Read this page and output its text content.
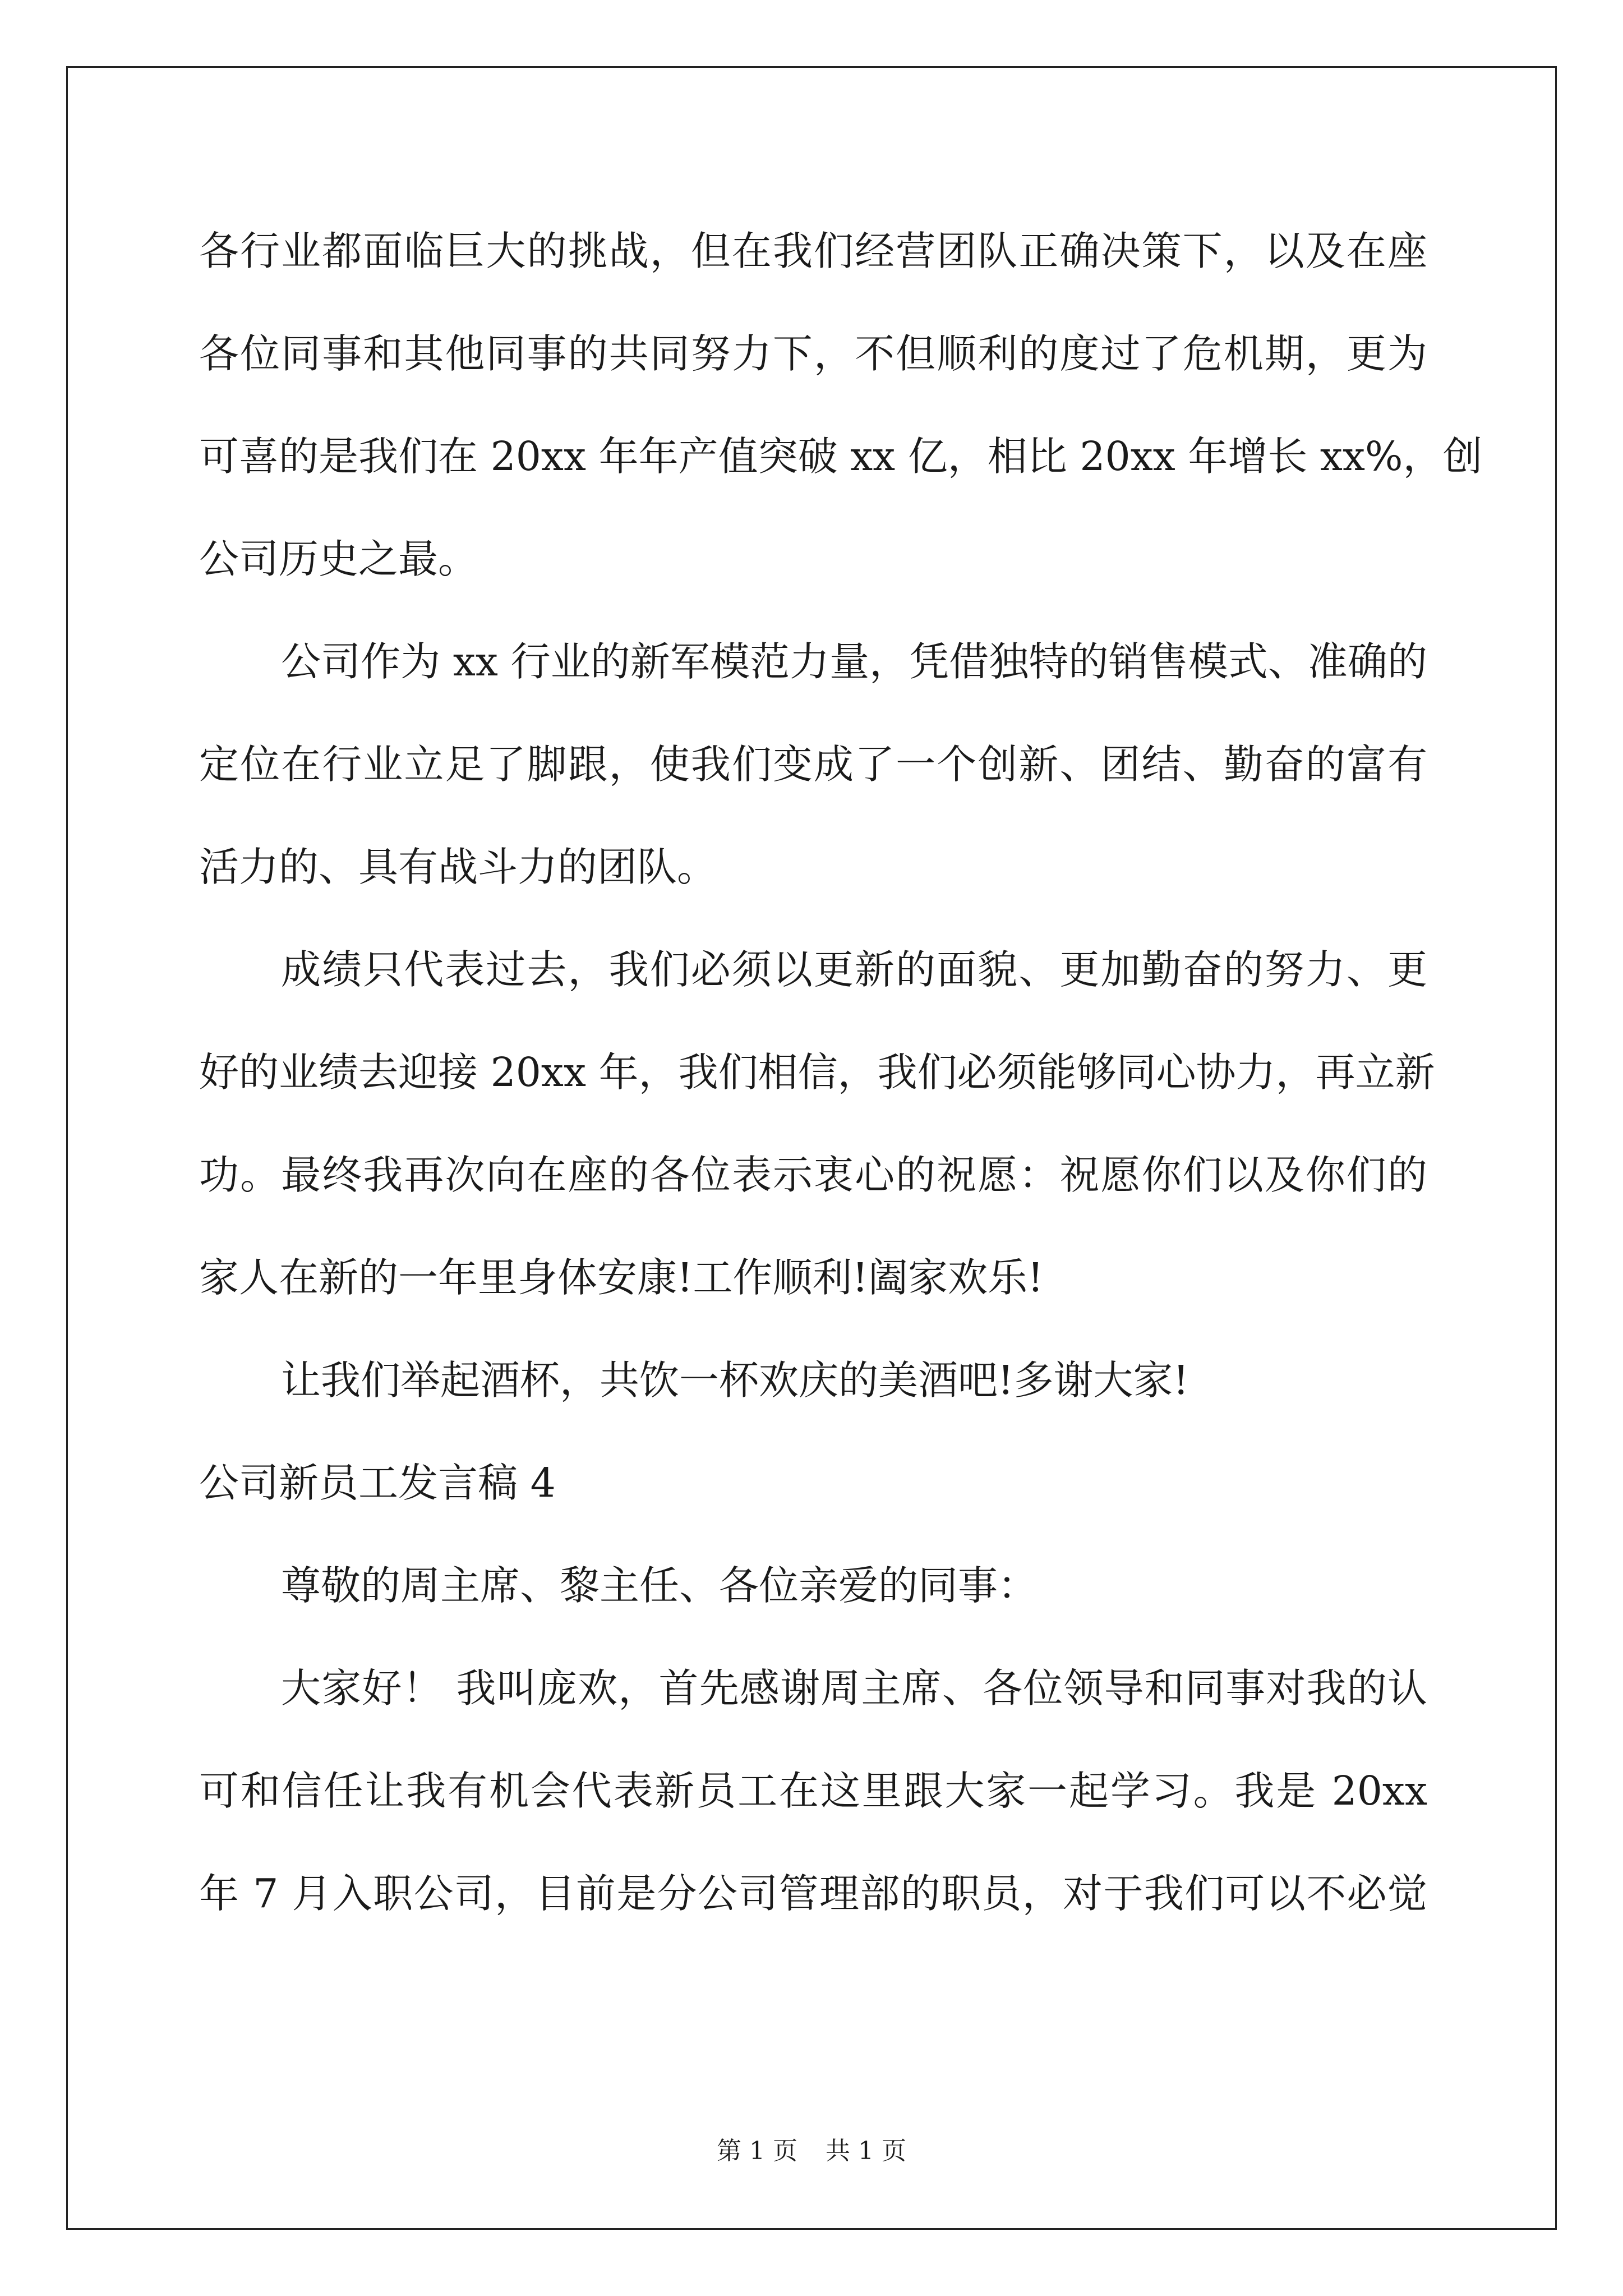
各行业都面临巨大的挑战，但在我们经营团队正确决策下，以及在座
各位同事和其他同事的共同努力下，不但顺利的度过了危机期，更为
可喜的是我们在 20xx 年年产值突破 xx 亿，相比 20xx 年增长 xx%，创
公司历史之最。
公司作为 xx 行业的新军模范力量，凭借独特的销售模式、准确的
定位在行业立足了脚跟，使我们变成了一个创新、团结、勤奋的富有
活力的、具有战斗力的团队。
成绩只代表过去，我们必须以更新的面貌、更加勤奋的努力、更
好的业绩去迎接 20xx 年，我们相信，我们必须能够同心协力，再立新
功。最终我再次向在座的各位表示衷心的祝愿：祝愿你们以及你们的
家人在新的一年里身体安康!工作顺利!阖家欢乐!
让我们举起酒杯，共饮一杯欢庆的美酒吧!多谢大家!
公司新员工发言稿 4
尊敬的周主席、黎主任、各位亲爱的同事：
大家好！ 我叫庞欢，首先感谢周主席、各位领导和同事对我的认
可和信任让我有机会代表新员工在这里跟大家一起学习。我是 20xx
年 7 月入职公司，目前是分公司管理部的职员，对于我们可以不必觉
第 1 页 共 1 页
